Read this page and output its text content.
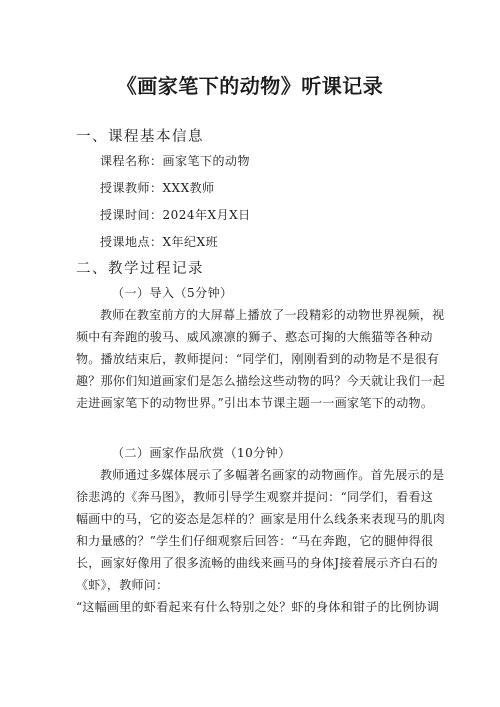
《画家笔下的动物》听课记录
一、课程基本信息
课程名称：画家笔下的动物
授课教师：XXX教师
授课时间：2024年X月X日
授课地点：X年纪X班
二、教学过程记录
（一）导入（5分钟）
教师在教室前方的大屏幕上播放了一段精彩的动物世界视频，视
频中有奔跑的骏马、威风凛凛的狮子、憨态可掬的大熊猫等各种动
物。播放结束后，教师提问：“同学们，刚刚看到的动物是不是很有
趣？那你们知道画家们是怎么描绘这些动物的吗？今天就让我们一起
走进画家笔下的动物世界。”引出本节课主题一一画家笔下的动物。
（二）画家作品欣赏（10分钟）
教师通过多媒体展示了多幅著名画家的动物画作。首先展示的是
徐悲鸿的《奔马图》，教师引导学生观察并提问：“同学们，看看这
幅画中的马，它的姿态是怎样的？画家是用什么线条来表现马的肌肉
和力量感的？”学生们仔细观察后回答：“马在奔跑，它的腿伸得很
长，画家好像用了很多流畅的曲线来画马的身体J接着展示齐白石的
《虾》，教师问：
“这幅画里的虾看起来有什么特别之处？虾的身体和钳子的比例协调
